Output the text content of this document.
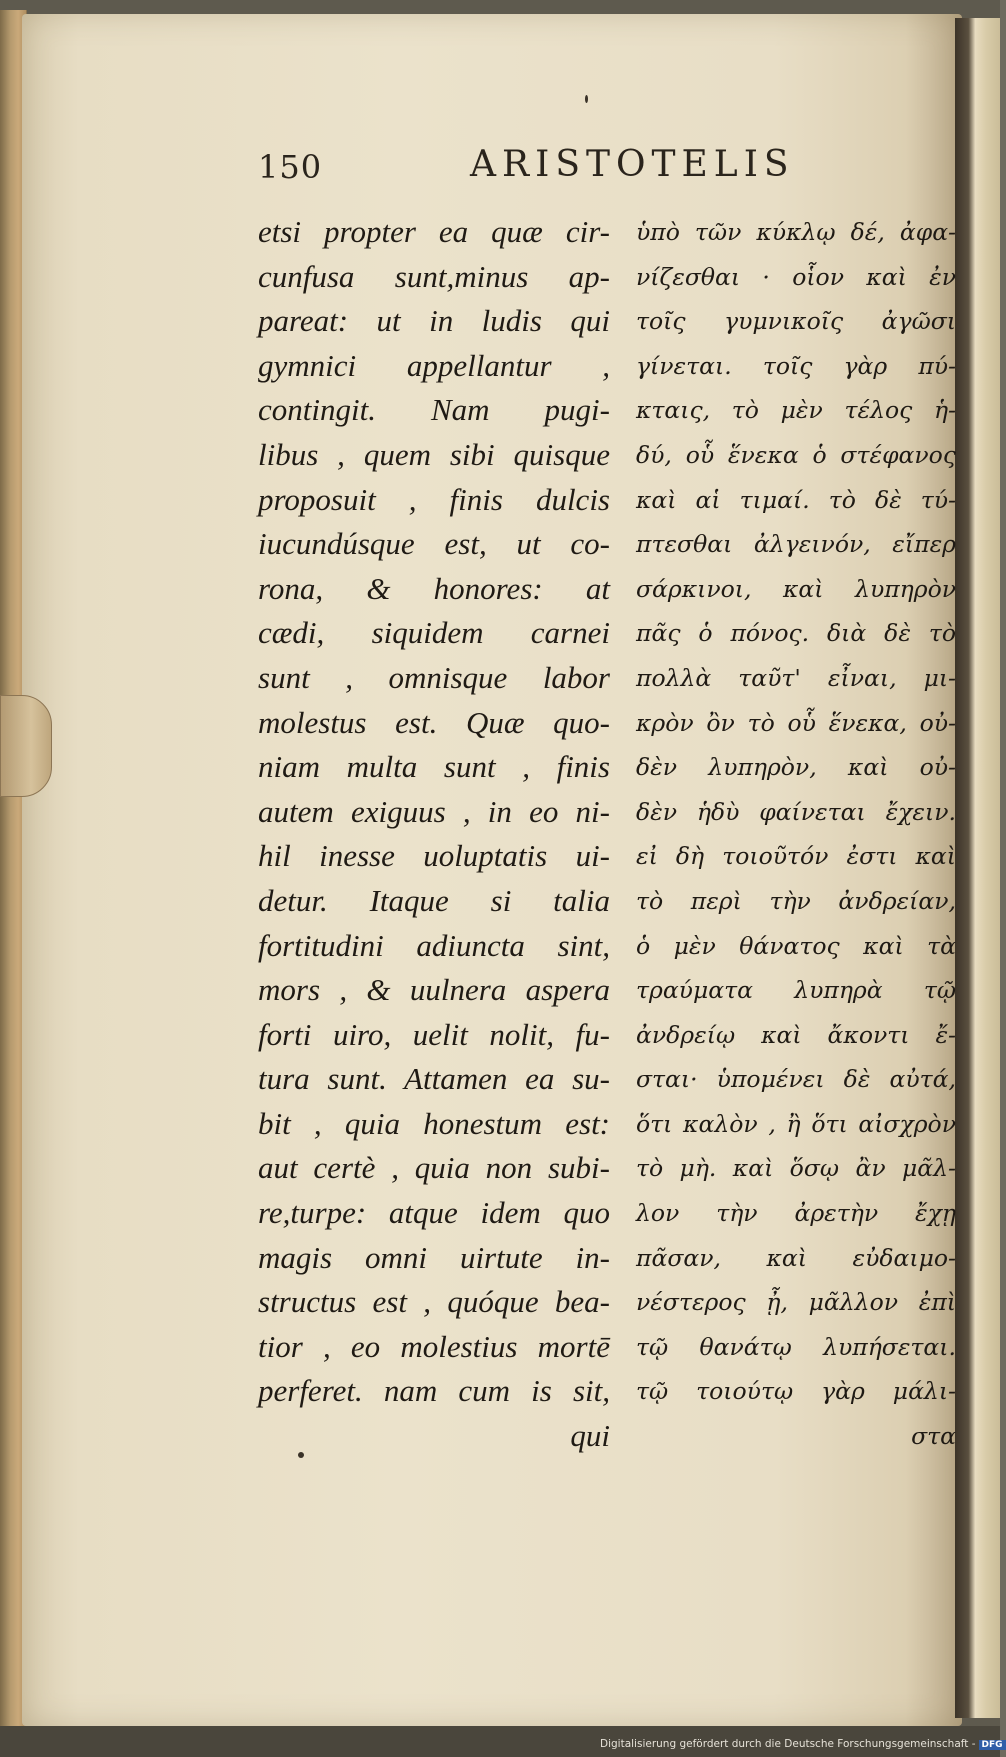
150	ARISTOTELIS
etsi propter ea quæ cir-
cunfusa sunt,minus ap-
pareat: ut in ludis qui
gymnici appellantur ,
contingit. Nam pugi-
libus , quem sibi quisque
proposuit , finis dulcis
iucundúsque est, ut co-
rona, & honores: at
cædi, siquidem carnei
sunt , omnisque labor
molestus est. Quæ quo-
niam multa sunt , finis
autem exiguus , in eo ni-
hil inesse uoluptatis ui-
detur. Itaque si talia
fortitudini adiuncta sint,
mors , & uulnera aspera
forti uiro, uelit nolit, fu-
tura sunt. Attamen ea su-
bit , quia honestum est:
aut certè , quia non subi-
re,turpe: atque idem quo
magis omni uirtute in-
structus est , quóque bea-
tior , eo molestius mortē
perferet. nam cum is sit,
qui
ὑπὸ τῶν κύκλῳ δέ, ἀφα-
νίζεσθαι · οἷον καὶ ἐν
τοῖς γυμνικοῖς ἀγῶσι
γίνεται. τοῖς γὰρ πύ-
κταις, τὸ μὲν τέλος ἡ-
δύ, οὗ ἕνεκα ὁ στέφανος
καὶ αἱ τιμαί. τὸ δὲ τύ-
πτεσθαι ἀλγεινόν, εἴπερ
σάρκινοι, καὶ λυπηρὸν
πᾶς ὁ πόνος. διὰ δὲ τὸ
πολλὰ ταῦτ' εἶναι, μι-
κρὸν ὂν τὸ οὗ ἕνεκα, οὐ-
δὲν λυπηρὸν, καὶ οὐ-
δὲν ἡδὺ φαίνεται ἔχειν.
εἰ δὴ τοιοῦτόν ἐστι καὶ
τὸ περὶ τὴν ἀνδρείαν,
ὁ μὲν θάνατος καὶ τὰ
τραύματα λυπηρὰ τῷ
ἀνδρείῳ καὶ ἄκοντι ἔ-
σται· ὑπομένει δὲ αὐτά,
ὅτι καλὸν , ἢ ὅτι αἰσχρὸν
τὸ μὴ. καὶ ὅσῳ ἂν μᾶλ-
λον τὴν ἀρετὴν ἔχῃ
πᾶσαν, καὶ εὐδαιμο-
νέστερος ᾖ, μᾶλλον ἐπὶ
τῷ θανάτῳ λυπήσεται.
τῷ τοιούτῳ γὰρ μάλι-
στα
Digitalisierung gefördert durch die Deutsche Forschungsgemeinschaft - DFG
